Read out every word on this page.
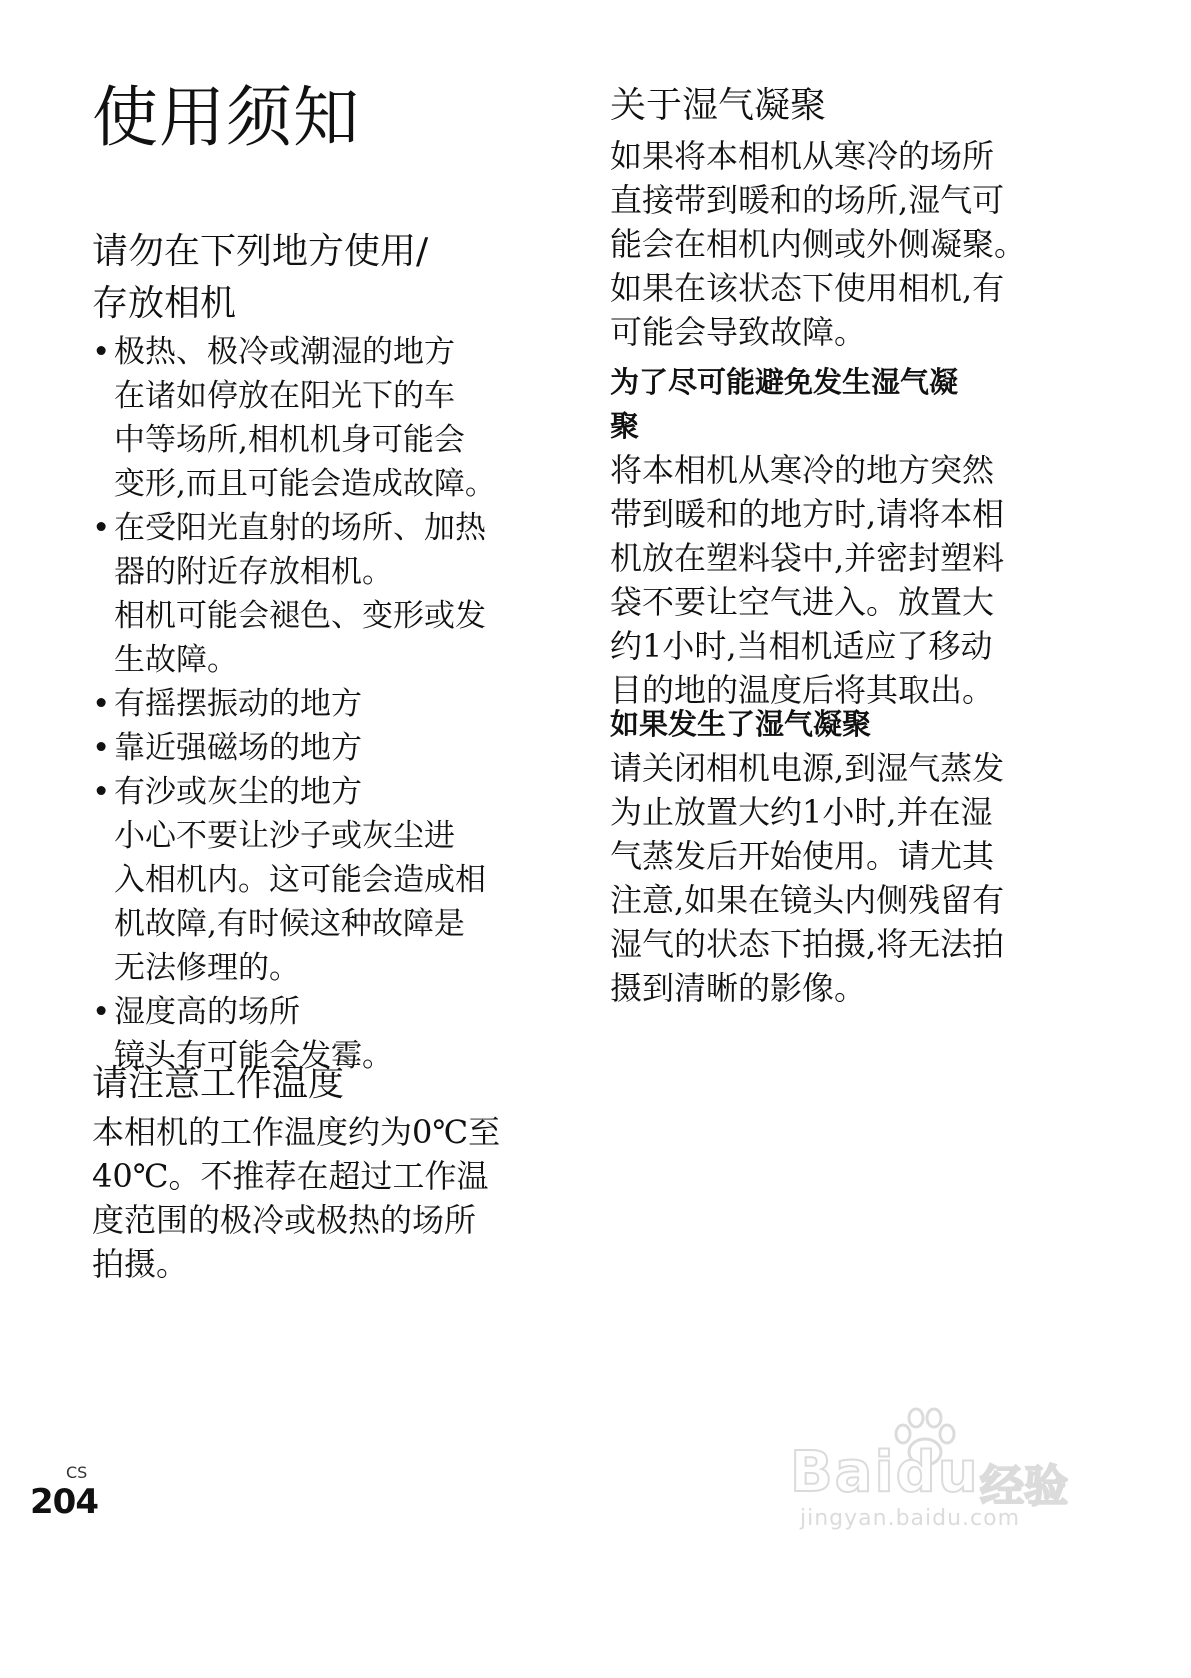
使用须知
请勿在下列地方使用/
存放相机
• 极热、极冷或潮湿的地方
在诸如停放在阳光下的车
中等场所,相机机身可能会
变形,而且可能会造成故障。
• 在受阳光直射的场所、加热
器的附近存放相机。
相机可能会褪色、变形或发
生故障。
• 有摇摆振动的地方
• 靠近强磁场的地方
• 有沙或灰尘的地方
小心不要让沙子或灰尘进
入相机内。这可能会造成相
机故障,有时候这种故障是
无法修理的。
• 湿度高的场所
镜头有可能会发霉。
请注意工作温度

本相机的工作温度约为0℃至
40℃。不推荐在超过工作温
度范围的极冷或极热的场所
拍摄。

关于湿气凝聚

如果将本相机从寒冷的场所
直接带到暖和的场所,湿气可
能会在相机内侧或外侧凝聚。
如果在该状态下使用相机,有
可能会导致故障。

为了尽可能避免发生湿气凝
聚

将本相机从寒冷的地方突然
带到暖和的地方时,请将本相
机放在塑料袋中,并密封塑料
袋不要让空气进入。放置大
约1小时,当相机适应了移动
目的地的温度后将其取出。

如果发生了湿气凝聚

请关闭相机电源,到湿气蒸发
为止放置大约1小时,并在湿
气蒸发后开始使用。请尤其
注意,如果在镜头内侧残留有
湿气的状态下拍摄,将无法拍
摄到清晰的影像。

CS
204	Baidu 经验
jingyan.baidu.com
